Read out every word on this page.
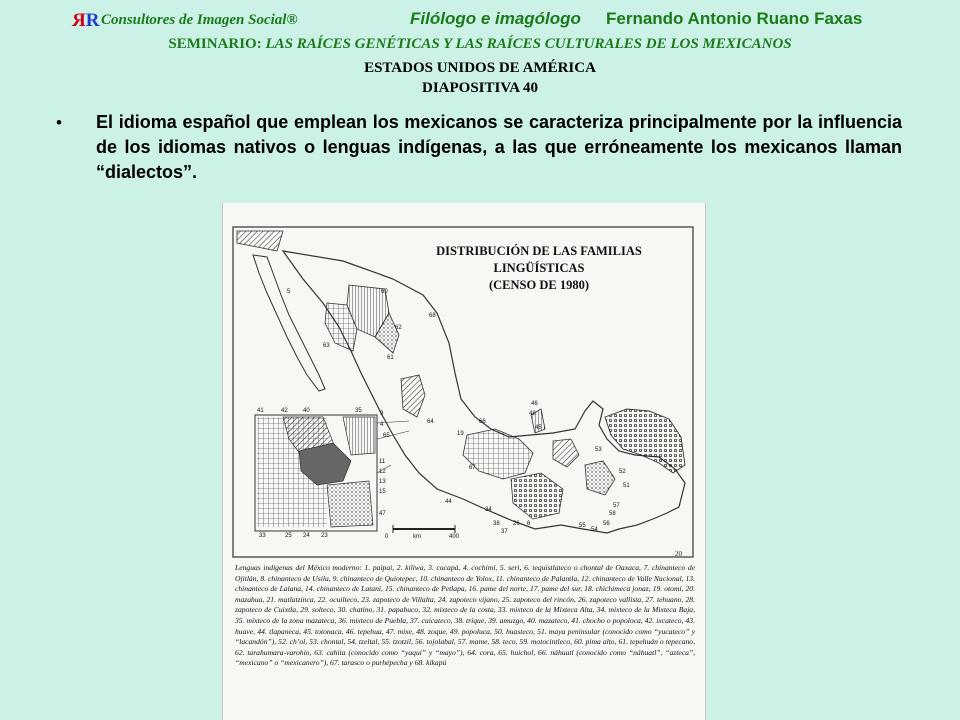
RR Consultores de Imagen Social®	Filólogo e imagólogo Fernando Antonio Ruano Faxas
SEMINARIO: LAS RAÍCES GENÉTICAS Y LAS RAÍCES CULTURALES DE LOS MEXICANOS
ESTADOS UNIDOS DE AMÉRICA
DIAPOSITIVA 40
• El idioma español que emplean los mexicanos se caracteriza principalmente por la influencia de los idiomas nativos o lenguas indígenas, a las que erróneamente los mexicanos llaman “dialectos”.
DISTRIBUCIÓN DE LAS FAMILIAS LINGÜÍSTICAS
(CENSO DE 1980)
0	400
km
60
62
63
61
68
5
41	42	40	35	9
4
65
64
19
66
67
46
48
45
44
53
52
51
58
57
56
54
55
34
26 6
33	25 24 23
11
12
13
15
47
38
37
20
Lenguas indígenas del México moderno: 1. paipai, 2. kiliwa, 3. cucapá, 4. cochimí, 5. seri, 6. tequistlateco o chontal de Oaxaca, 7. chinanteco de Ojitlán, 8. chinanteco de Usila, 9. chinanteco de Quiotepec, 10. chinanteco de Yolox, 11. chinanteco de Palantla, 12. chinanteco de Valle Nacional, 13. chinanteco de Lalana, 14. chinanteco de Latani, 15. chinanteco de Petlapa, 16. pame del norte, 17. pame del sur, 18. chichimeca jonaz, 19. otomí, 20. mazahua, 21. matlatzinca, 22. ocuilteco, 23. zapoteco de Villalta, 24. zapoteco vijano, 25. zapoteco del rincón, 26. zapoteco vallista, 27. tehuano, 28. zapoteco de Cuixtla, 29. solteco, 30. chatino, 31. papabuco, 32. mixteco de la costa, 33. mixteco de la Mixteca Alta, 34. mixteco de la Mixteca Baja, 35. mixteco de la zona mazateca, 36. mixteco de Puebla, 37. cuicateco, 38. trique, 39. amuzgo, 40. mazateco, 41. chocho o popoloca, 42. ixcateco, 43. huave, 44. tlapaneca, 45. totonaca, 46. tepehua, 47. mixe, 48. zoque, 49. popoluca, 50. huasteco, 51. maya peninsular (conocido como “yucateco” y “lacandón”), 52. ch’ol, 53. chontal, 54. tzeltal, 55. tzotzil, 56. tojolabal, 57. mame, 58. teco, 59. motocintleco, 60. pima alto, 61. tepehuán o tepecano, 62. tarahumara-varohío, 63. cahita (conocido como “yaqui” y “mayo”), 64. cora, 65. huichol, 66. náhuatl (conocido como “náhuatl”, “azteca”, “mexicano” o “mexicanero”), 67. tarasco o purhépecha y 68. kikapú
